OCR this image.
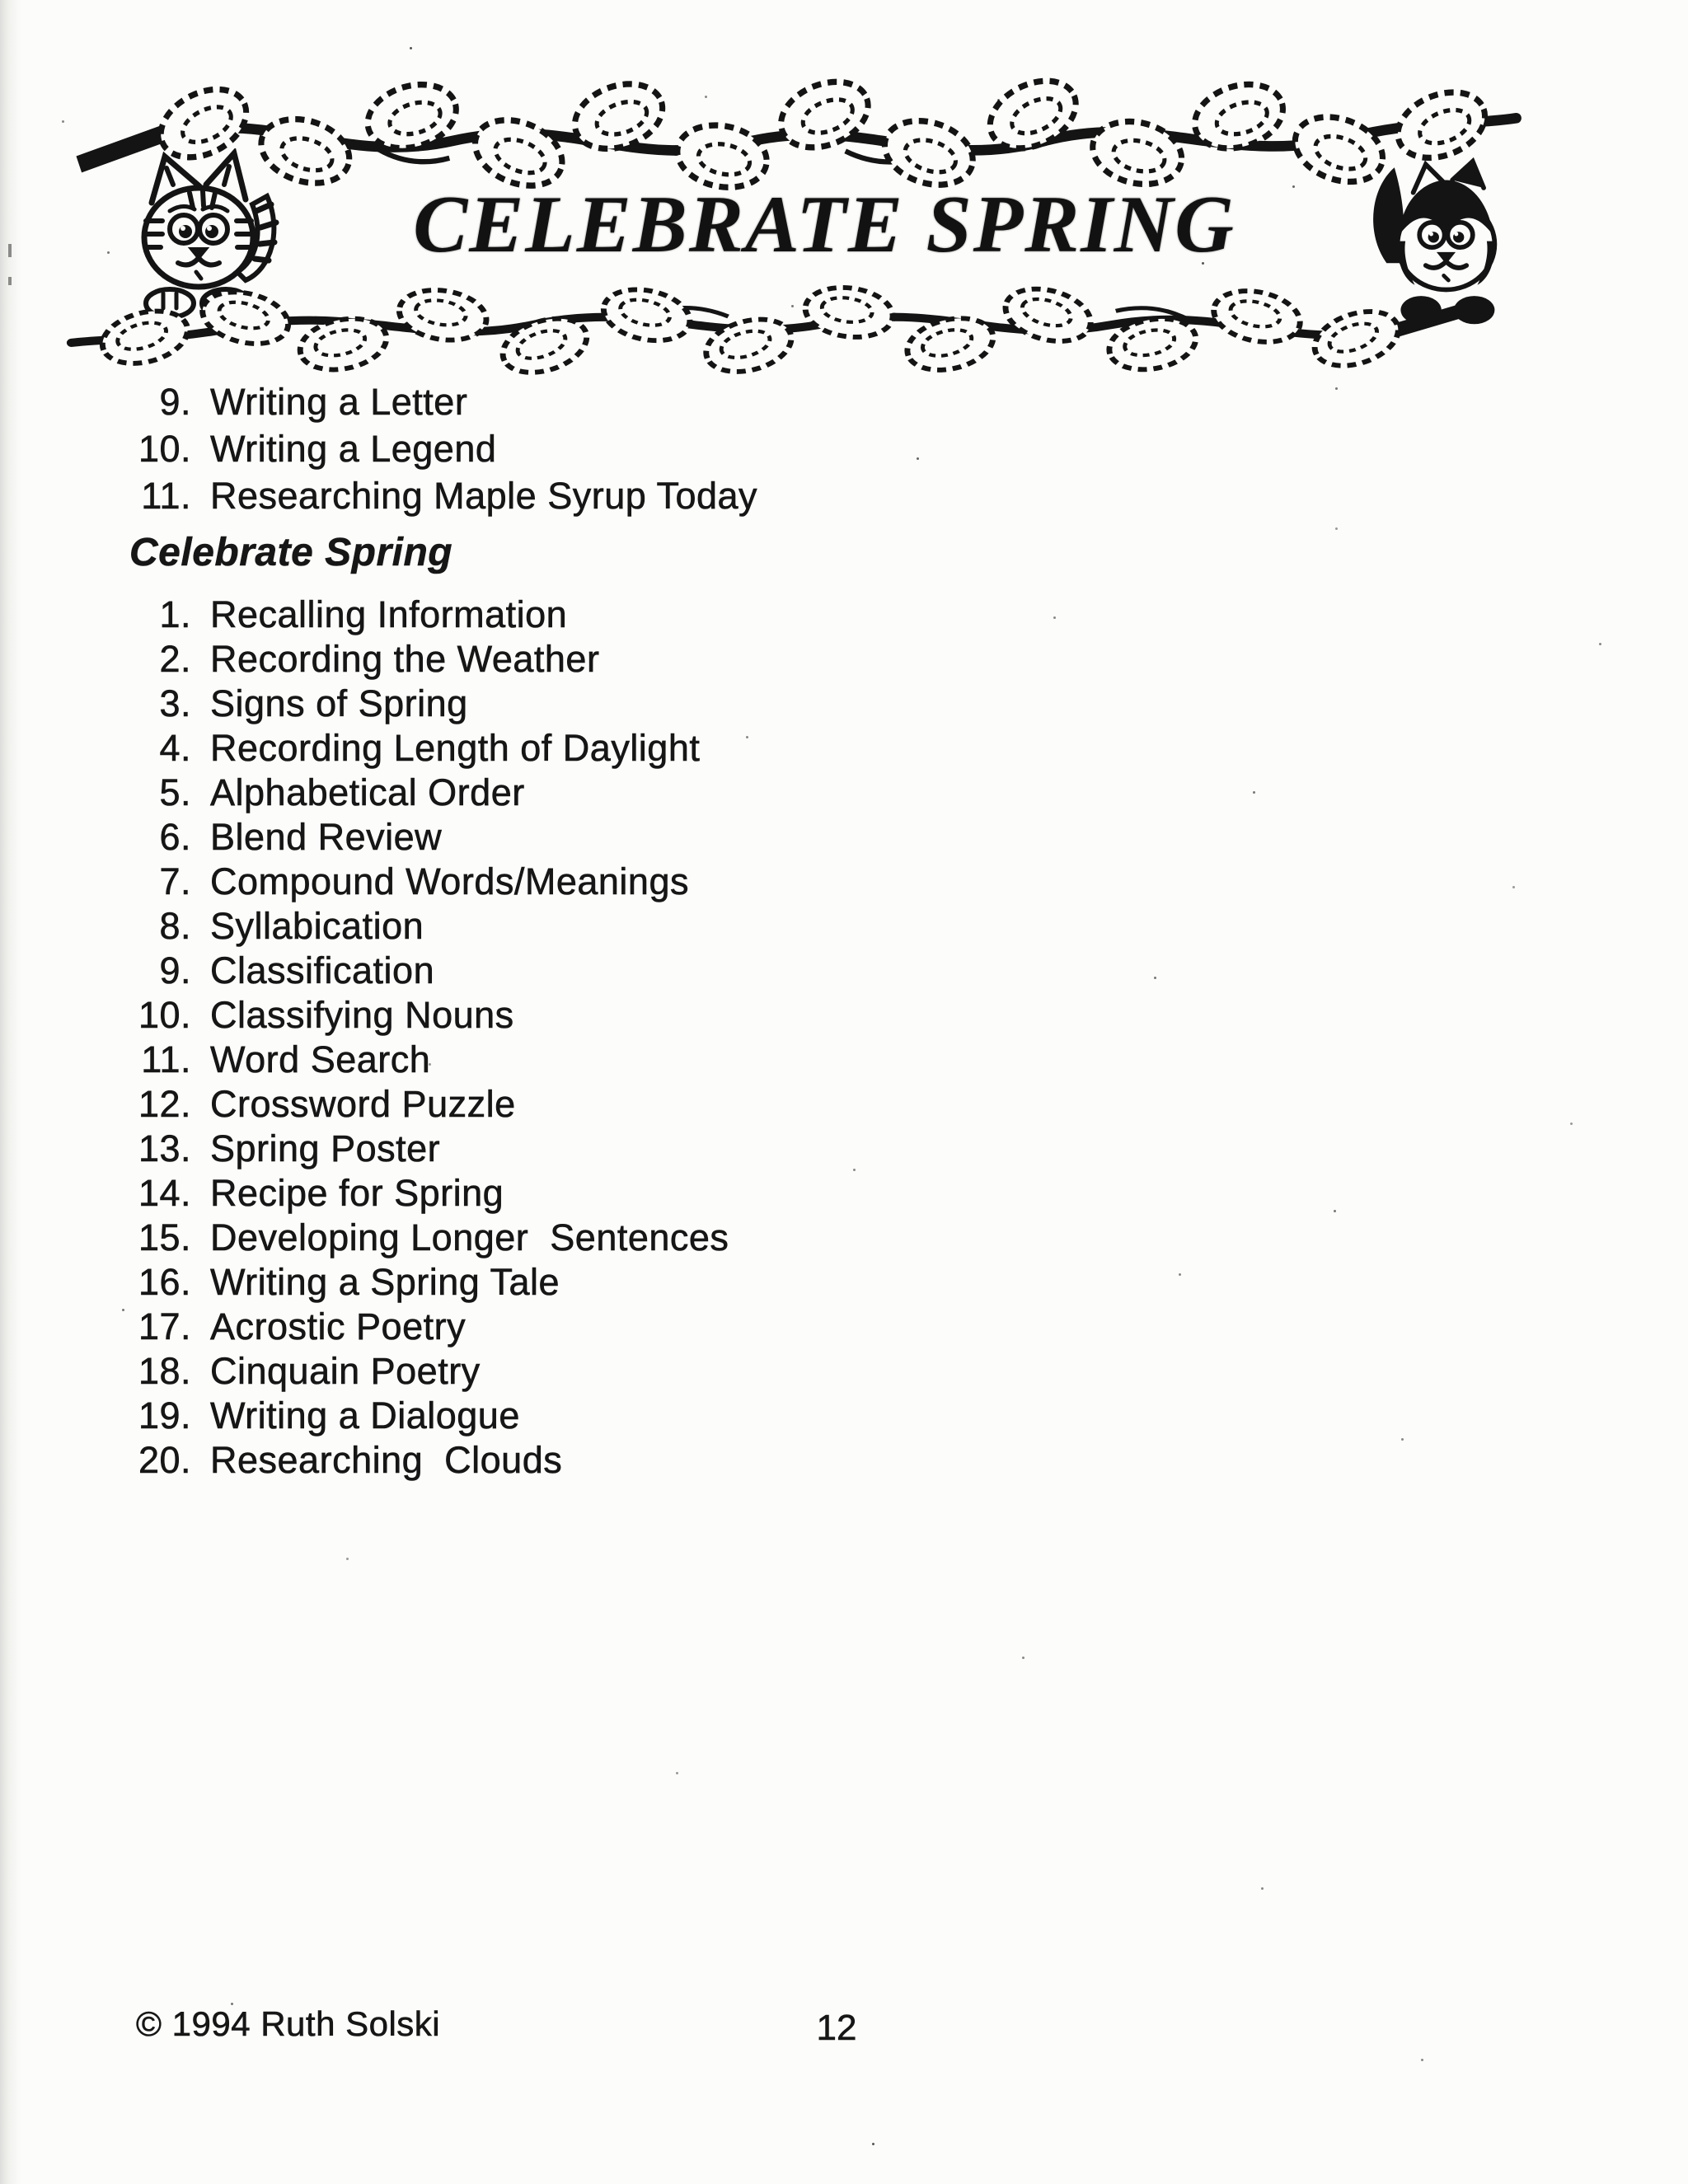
CELEBRATE SPRING
9. Writing a Letter
10. Writing a Legend
11. Researching Maple Syrup Today
Celebrate Spring
1. Recalling Information
2. Recording the Weather
3. Signs of Spring
4. Recording Length of Daylight
5. Alphabetical Order
6. Blend Review
7. Compound Words/Meanings
8. Syllabication
9. Classification
10. Classifying Nouns
11. Word Search
12. Crossword Puzzle
13. Spring Poster
14. Recipe for Spring
15. Developing Longer  Sentences
16. Writing a Spring Tale
17. Acrostic Poetry
18. Cinquain Poetry
19. Writing a Dialogue
20. Researching  Clouds
© 1994 Ruth Solski	12
